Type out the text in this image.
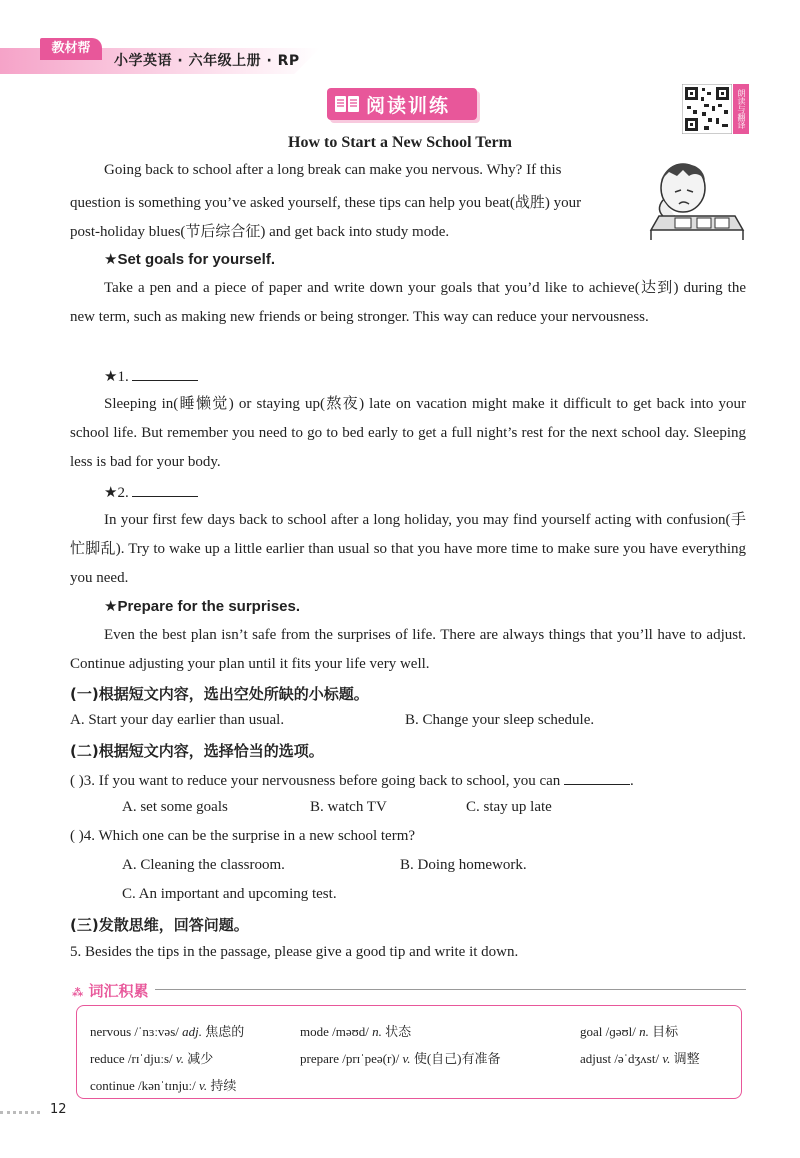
教材帮
小学英语 · 六年级上册 · RP
阅读训练	朗读与翻译
How to Start a New School Term
Going back to school after a long break can make you nervous. Why? If this
question is something you’ve asked yourself, these tips can help you beat(战胜) your
post-holiday blues(节后综合征) and get back into study mode.
★Set goals for yourself.

Take a pen and a piece of paper and write down your goals that you’d like to achieve(达到) during the new term, such as making new friends or being stronger. This way can reduce your nervousness.

★1.

Sleeping in(睡懒觉) or staying up(熬夜) late on vacation might make it difficult to get back into your school life. But remember you need to go to bed early to get a full night’s rest for the next school day. Sleeping less is bad for your body.

★2.

In your first few days back to school after a long holiday, you may find yourself acting with confusion(手忙脚乱). Try to wake up a little earlier than usual so that you have more time to make sure you have everything you need.

★Prepare for the surprises.

Even the best plan isn’t safe from the surprises of life. There are always things that you’ll have to adjust. Continue adjusting your plan until it fits your life very well.

(一)根据短文内容，选出空处所缺的小标题。
A. Start your day earlier than usual.	B. Change your sleep schedule.
(二)根据短文内容，选择恰当的选项。
( )3. If you want to reduce your nervousness before going back to school, you can	.
A. set some goals	B. watch TV	C. stay up late
( )4. Which one can be the surprise in a new school term?
A. Cleaning the classroom.	B. Doing homework.
C. An important and upcoming test.
(三)发散思维，回答问题。
5. Besides the tips in the passage, please give a good tip and write it down.
⁂ 词汇积累
nervous /ˈnɜːvəs/ adj. 焦虑的	mode /məʊd/ n. 状态	goal /ɡəʊl/ n. 目标
reduce /rɪˈdjuːs/ v. 减少	prepare /prɪˈpeə(r)/ v. 使(自己)有准备	adjust /əˈdʒʌst/ v. 调整
continue /kənˈtɪnjuː/ v. 持续
12
